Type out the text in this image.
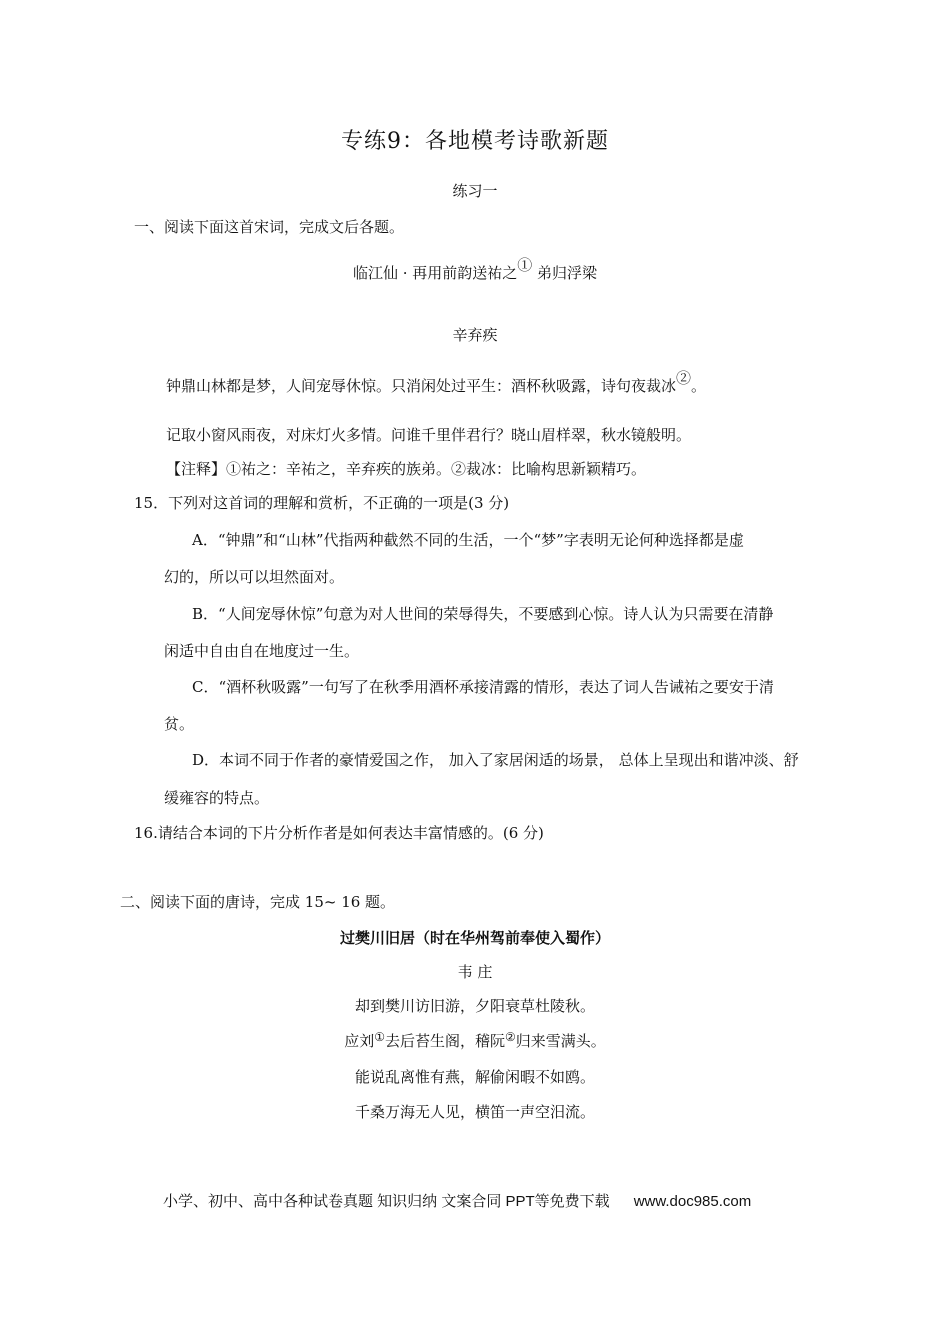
专练9：各地模考诗歌新题
练习一
一、阅读下面这首宋词，完成文后各题。
临江仙 · 再用前韵送祐之① 弟归浮梁
辛弃疾
钟鼎山林都是梦，人间宠辱休惊。只消闲处过平生：酒杯秋吸露，诗句夜裁冰②。
记取小窗风雨夜，对床灯火多情。问谁千里伴君行？晓山眉样翠，秋水镜般明。
【注释】①祐之：辛祐之，辛弃疾的族弟。②裁冰：比喻构思新颖精巧。
15．下列对这首词的理解和赏析，不正确的一项是(3 分)
A．“钟鼎”和“山林”代指两种截然不同的生活，一个“梦”字表明无论何种选择都是虚
幻的，所以可以坦然面对。
B．“人间宠辱休惊”句意为对人世间的荣辱得失，不要感到心惊。诗人认为只需要在清静
闲适中自由自在地度过一生。
C．“酒杯秋吸露”一句写了在秋季用酒杯承接清露的情形，表达了词人告诫祐之要安于清
贫。
D．本词不同于作者的豪情爱国之作， 加入了家居闲适的场景， 总体上呈现出和谐冲淡、舒
缓雍容的特点。
16.请结合本词的下片分析作者是如何表达丰富情感的。(6 分)
二、阅读下面的唐诗，完成 15~ 16 题。
过樊川旧居（时在华州驾前奉使入蜀作）
韦 庄
却到樊川访旧游，夕阳衰草杜陵秋。
应刘①去后苔生阁，稽阮②归来雪满头。
能说乱离惟有燕，解偷闲暇不如鸥。
千桑万海无人见，横笛一声空汨流。
小学、初中、高中各种试卷真题 知识归纳 文案合同 PPT等免费下载 www.doc985.com
